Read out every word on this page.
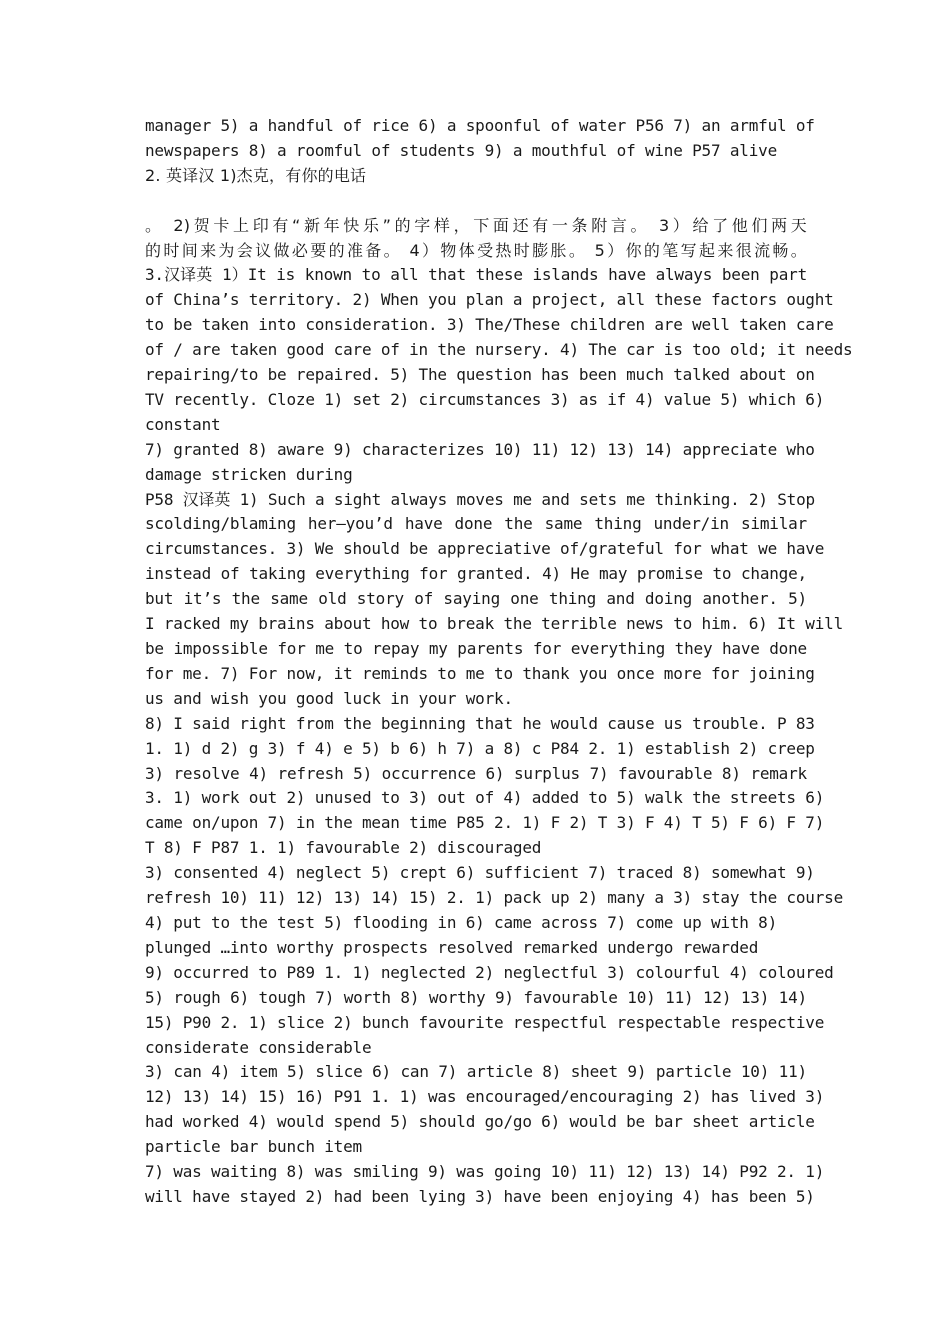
manager 5) a handful of rice 6) a spoonful of water P56 7) an armful of
newspapers 8) a roomful of students 9) a mouthful of wine P57 alive
2. 英译汉 1)杰克，有你的电话
。 2)贺卡上印有“新年快乐”的字样，下面还有一条附言。 3）给了他们两天
的时间来为会议做必要的准备。 4）物体受热时膨胀。 5）你的笔写起来很流畅。
3.汉译英 1）It is known to all that these islands have always been part
of China’s territory. 2) When you plan a project, all these factors ought
to be taken into consideration. 3) The/These children are well taken care
of / are taken good care of in the nursery. 4) The car is too old; it needs
repairing/to be repaired. 5) The question has been much talked about on
TV recently. Cloze 1) set 2) circumstances 3) as if 4) value 5) which 6)
constant
7) granted 8) aware 9) characterizes 10) 11) 12) 13) 14) appreciate who
damage stricken during
P58 汉译英 1) Such a sight always moves me and sets me thinking. 2) Stop
scolding/blaming her—you’d have done the same thing under/in similar
circumstances. 3) We should be appreciative of/grateful for what we have
instead of taking everything for granted. 4) He may promise to change,
but it’s the same old story of saying one thing and doing another. 5)
I racked my brains about how to break the terrible news to him. 6) It will
be impossible for me to repay my parents for everything they have done
for me. 7) For now, it reminds to me to thank you once more for joining
us and wish you good luck in your work.
8) I said right from the beginning that he would cause us trouble. P 83
1. 1) d 2) g 3) f 4) e 5) b 6) h 7) a 8) c P84 2. 1) establish 2) creep
3) resolve 4) refresh 5) occurrence 6) surplus 7) favourable 8) remark
3. 1) work out 2) unused to 3) out of 4) added to 5) walk the streets 6)
came on/upon 7) in the mean time P85 2. 1) F 2) T 3) F 4) T 5) F 6) F 7)
T 8) F P87 1. 1) favourable 2) discouraged
3) consented 4) neglect 5) crept 6) sufficient 7) traced 8) somewhat 9)
refresh 10) 11) 12) 13) 14) 15) 2. 1) pack up 2) many a 3) stay the course
4) put to the test 5) flooding in 6) came across 7) come up with 8)
plunged …into worthy prospects resolved remarked undergo rewarded
9) occurred to P89 1. 1) neglected 2) neglectful 3) colourful 4) coloured
5) rough 6) tough 7) worth 8) worthy 9) favourable 10) 11) 12) 13) 14)
15) P90 2. 1) slice 2) bunch favourite respectful respectable respective
considerate considerable
3) can 4) item 5) slice 6) can 7) article 8) sheet 9) particle 10) 11)
12) 13) 14) 15) 16) P91 1. 1) was encouraged/encouraging 2) has lived 3)
had worked 4) would spend 5) should go/go 6) would be bar sheet article
particle bar bunch item
7) was waiting 8) was smiling 9) was going 10) 11) 12) 13) 14) P92 2. 1)
will have stayed 2) had been lying 3) have been enjoying 4) has been 5)
